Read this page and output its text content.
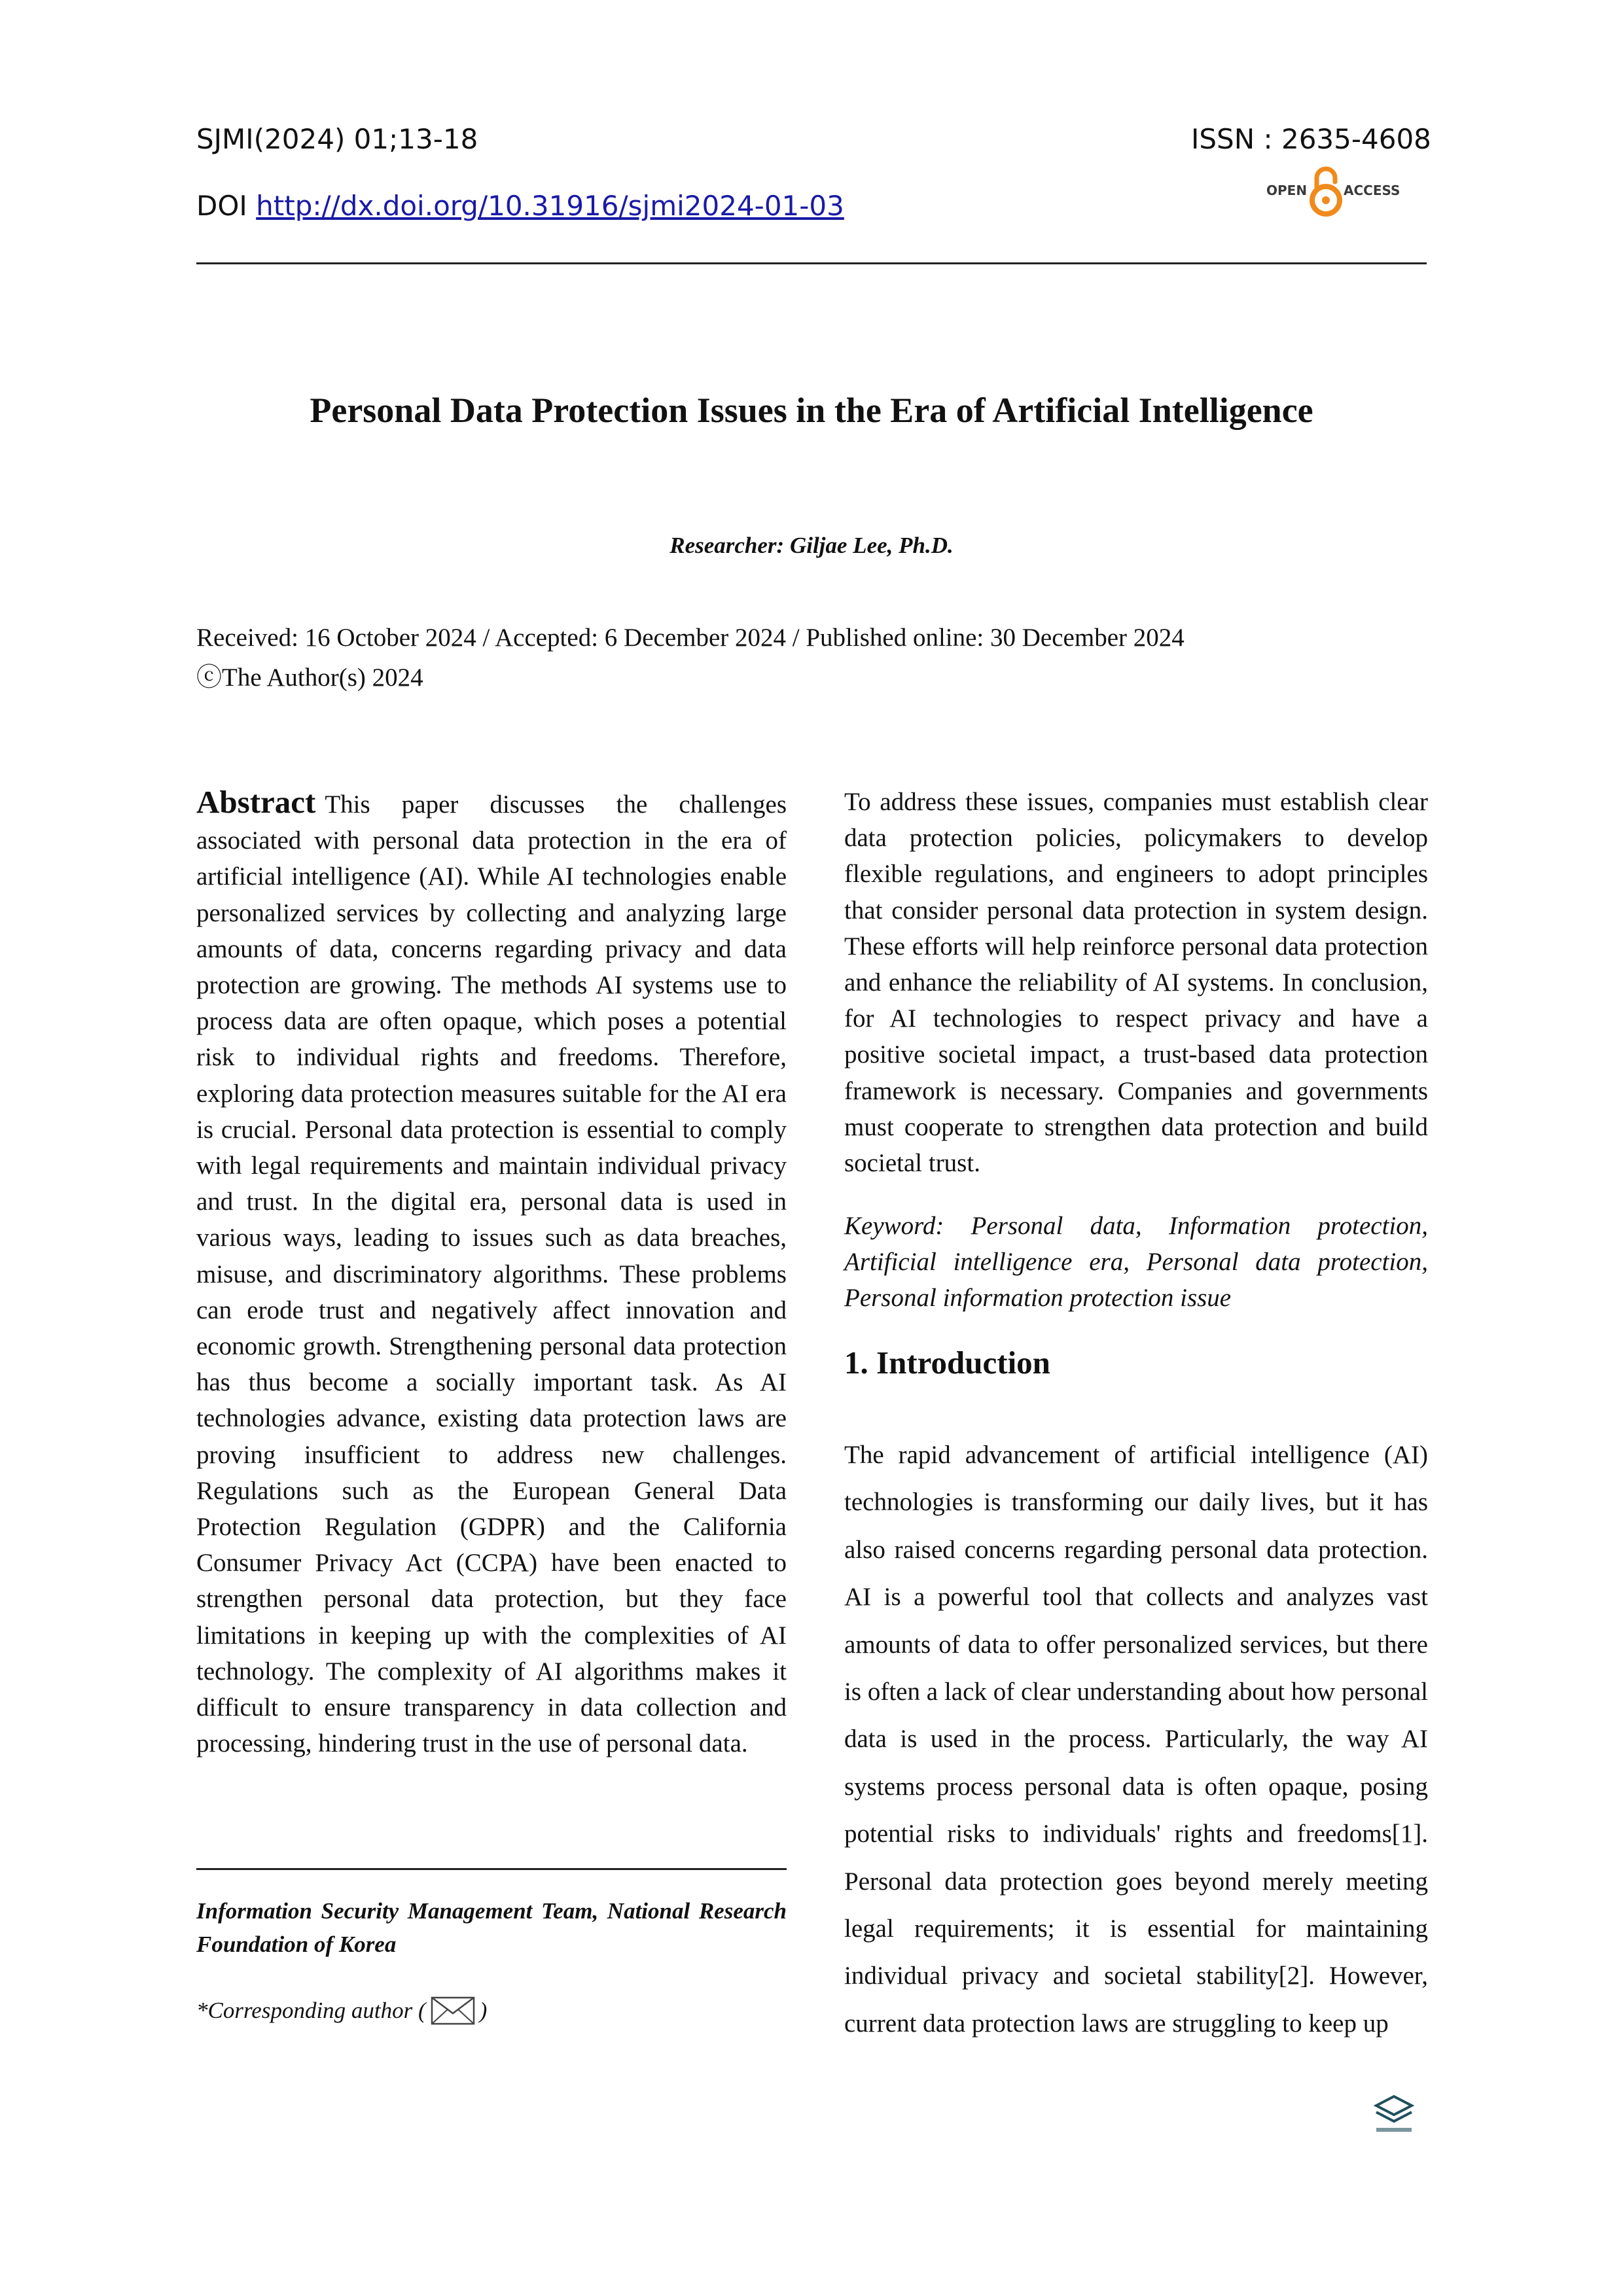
SJMI(2024) 01;13-18	ISSN : 2635-4608
DOI http://dx.doi.org/10.31916/sjmi2024-01-03	OPEN	ACCESS
Personal Data Protection Issues in the Era of Artificial Intelligence
Researcher: Giljae Lee, Ph.D.
Received: 16 October 2024 / Accepted: 6 December 2024 / Published online: 30 December 2024
ⓒThe Author(s) 2024

Abstract This paper discusses the challenges associated with personal data protection in the era of artificial intelligence (AI). While AI technologies enable personalized services by collecting and analyzing large amounts of data, concerns regarding privacy and data protection are growing. The methods AI systems use to process data are often opaque, which poses a potential risk to individual rights and freedoms. Therefore, exploring data protection measures suitable for the AI era is crucial. Personal data protection is essential to comply with legal requirements and maintain individual privacy and trust. In the digital era, personal data is used in various ways, leading to issues such as data breaches, misuse, and discriminatory algorithms. These problems can erode trust and negatively affect innovation and economic growth. Strengthening personal data protection has thus become a socially important task. As AI technologies advance, existing data protection laws are proving insufficient to address new challenges. Regulations such as the European General Data Protection Regulation (GDPR) and the California Consumer Privacy Act (CCPA) have been enacted to strengthen personal data protection, but they face limitations in keeping up with the complexities of AI technology. The complexity of AI algorithms makes it difficult to ensure transparency in data collection and processing, hindering trust in the use of personal data.

Information Security Management Team, National Research Foundation of Korea
*Corresponding author ( )

To address these issues, companies must establish clear data protection policies, policymakers to develop flexible regulations, and engineers to adopt principles that consider personal data protection in system design. These efforts will help reinforce personal data protection and enhance the reliability of AI systems. In conclusion, for AI technologies to respect privacy and have a positive societal impact, a trust-based data protection framework is necessary. Companies and governments must cooperate to strengthen data protection and build societal trust.

Keyword: Personal data, Information protection, Artificial intelligence era, Personal data protection, Personal information protection issue
1. Introduction

The rapid advancement of artificial intelligence (AI) technologies is transforming our daily lives, but it has also raised concerns regarding personal data protection. AI is a powerful tool that collects and analyzes vast amounts of data to offer personalized services, but there is often a lack of clear understanding about how personal data is used in the process. Particularly, the way AI systems process personal data is often opaque, posing potential risks to individuals' rights and freedoms[1]. Personal data protection goes beyond merely meeting legal requirements; it is essential for maintaining individual privacy and societal stability[2]. However, current data protection laws are struggling to keep up
